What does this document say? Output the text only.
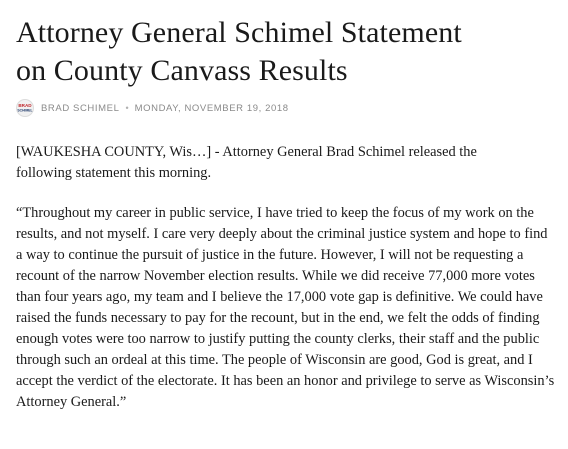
Attorney General Schimel Statement
on County Canvass Results
BRAD
SCHIMEL BRAD SCHIMEL • MONDAY, NOVEMBER 19, 2018

[WAUKESHA COUNTY, Wis…] - Attorney General Brad Schimel released the following statement this morning.

“Throughout my career in public service, I have tried to keep the focus of my work on the results, and not myself. I care very deeply about the criminal justice system and hope to find a way to continue the pursuit of justice in the future. However, I will not be requesting a recount of the narrow November election results. While we did receive 77,000 more votes than four years ago, my team and I believe the 17,000 vote gap is definitive. We could have raised the funds necessary to pay for the recount, but in the end, we felt the odds of finding enough votes were too narrow to justify putting the county clerks, their staff and the public through such an ordeal at this time. The people of Wisconsin are good, God is great, and I accept the verdict of the electorate. It has been an honor and privilege to serve as Wisconsin’s Attorney General.”
